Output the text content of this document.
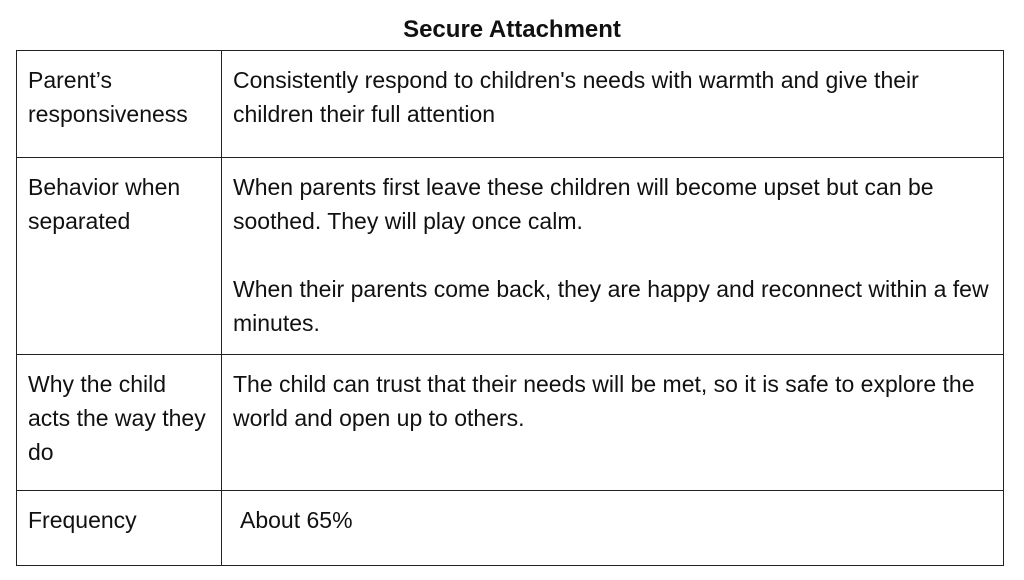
Secure Attachment
Parent’s responsiveness	Consistently respond to children's needs with warmth and give their children their full attention

Behavior when separated	When parents first leave these children will become upset but can be soothed. They will play once calm.

When their parents come back, they are happy and reconnect within a few minutes.

Why the child acts the way they do	The child can trust that their needs will be met, so it is safe to explore the world and open up to others.

Frequency	About 65%
